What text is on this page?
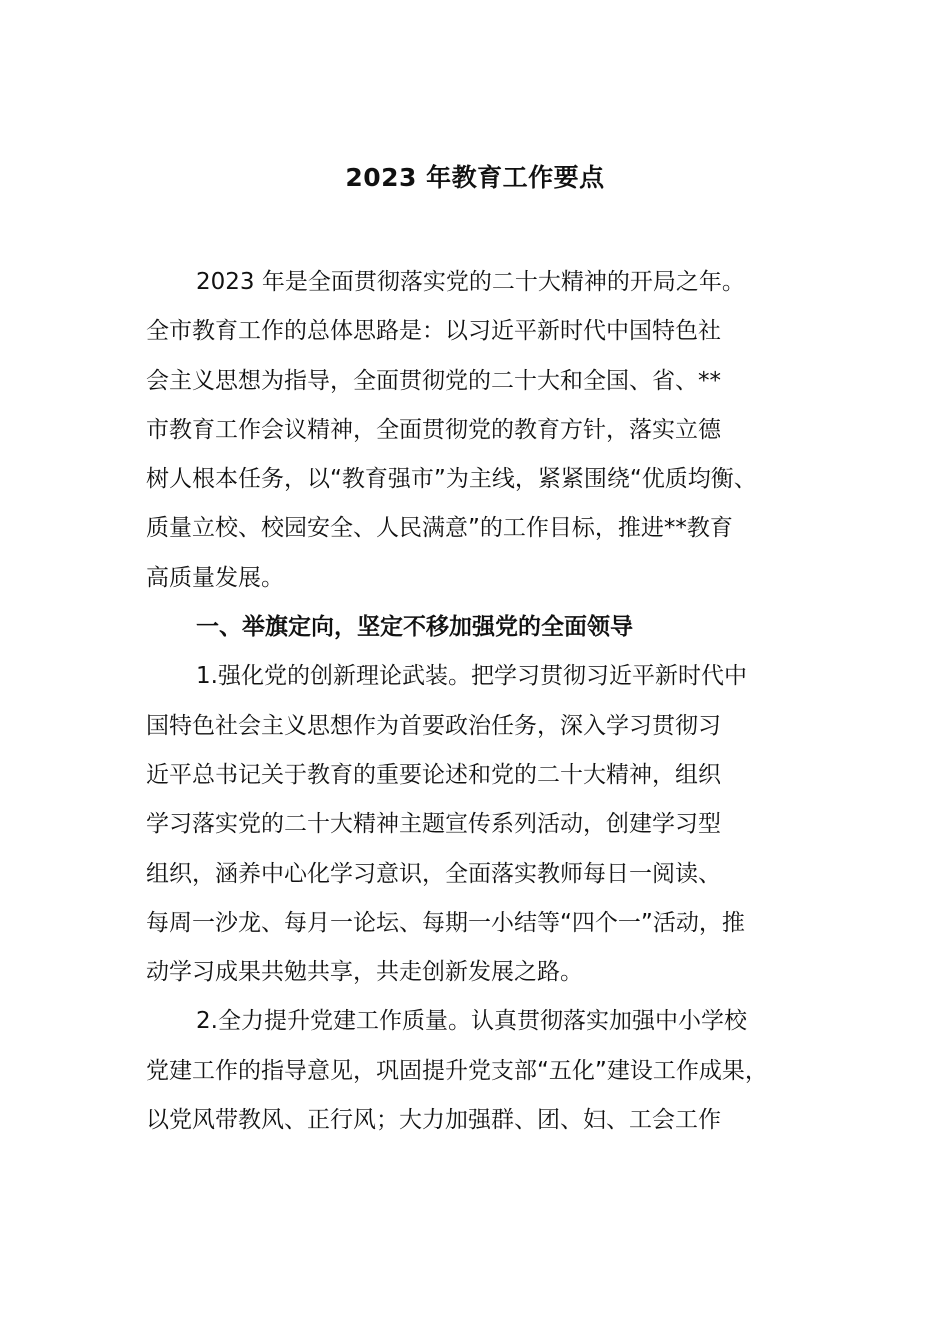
2023 年教育工作要点
2023 年是全面贯彻落实党的二十大精神的开局之年。
全市教育工作的总体思路是：以习近平新时代中国特色社
会主义思想为指导，全面贯彻党的二十大和全国、省、**
市教育工作会议精神，全面贯彻党的教育方针，落实立德
树人根本任务，以“教育强市”为主线，紧紧围绕“优质均衡、
质量立校、校园安全、人民满意”的工作目标，推进**教育
高质量发展。
一、举旗定向，坚定不移加强党的全面领导
1.强化党的创新理论武装。把学习贯彻习近平新时代中
国特色社会主义思想作为首要政治任务，深入学习贯彻习
近平总书记关于教育的重要论述和党的二十大精神，组织
学习落实党的二十大精神主题宣传系列活动，创建学习型
组织，涵养中心化学习意识，全面落实教师每日一阅读、
每周一沙龙、每月一论坛、每期一小结等“四个一”活动，推
动学习成果共勉共享，共走创新发展之路。
2.全力提升党建工作质量。认真贯彻落实加强中小学校
党建工作的指导意见，巩固提升党支部“五化”建设工作成果，
以党风带教风、正行风；大力加强群、团、妇、工会工作
